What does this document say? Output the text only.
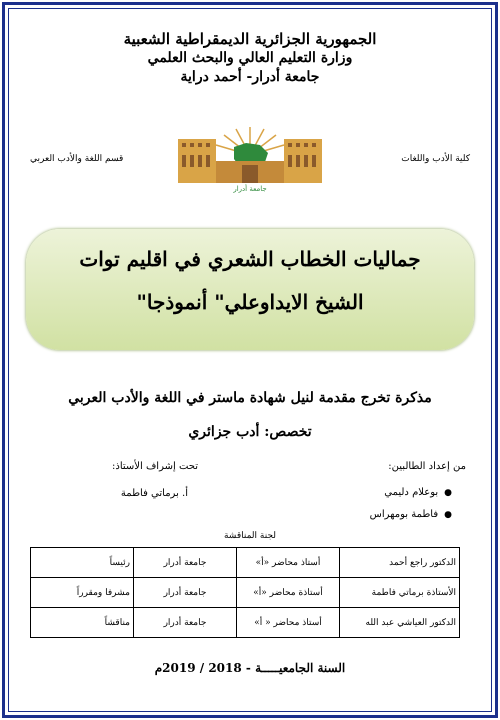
الجمهورية الجزائرية الديمقراطية الشعبية
وزارة التعليم العالي والبحث العلمي
جامعة أدرار- أحمد دراية
كلية الأدب واللغات
قسم اللغة والأدب العربي
جامعة أدرار
جماليات الخطاب الشعري في اقليم توات
الشيخ الايداوعلي" أنموذجا"
مذكرة تخرج مقدمة لنيل شهادة ماستر في اللغة والأدب العربي
تخصص: أدب جزائري
من إعداد الطالبين:
تحت إشراف الأستاذ:
●بوعلام دليمي
●فاطمة بومهراس
أ. برماتي فاطمة
لجنة المناقشة
الدكتور راجع أحمد	أستاذ محاضر «أ»	جامعة أدرار	رئيساً
الأستاذة برماتي فاطمة	أستاذة محاضر «أ»	جامعة أدرار	مشرفا ومقرراً
الدكتور العياشي عبد الله	أستاذ محاضر « أ»	جامعة أدرار	مناقشاً
السنة الجامعيـــــة - 2018 / 2019م
